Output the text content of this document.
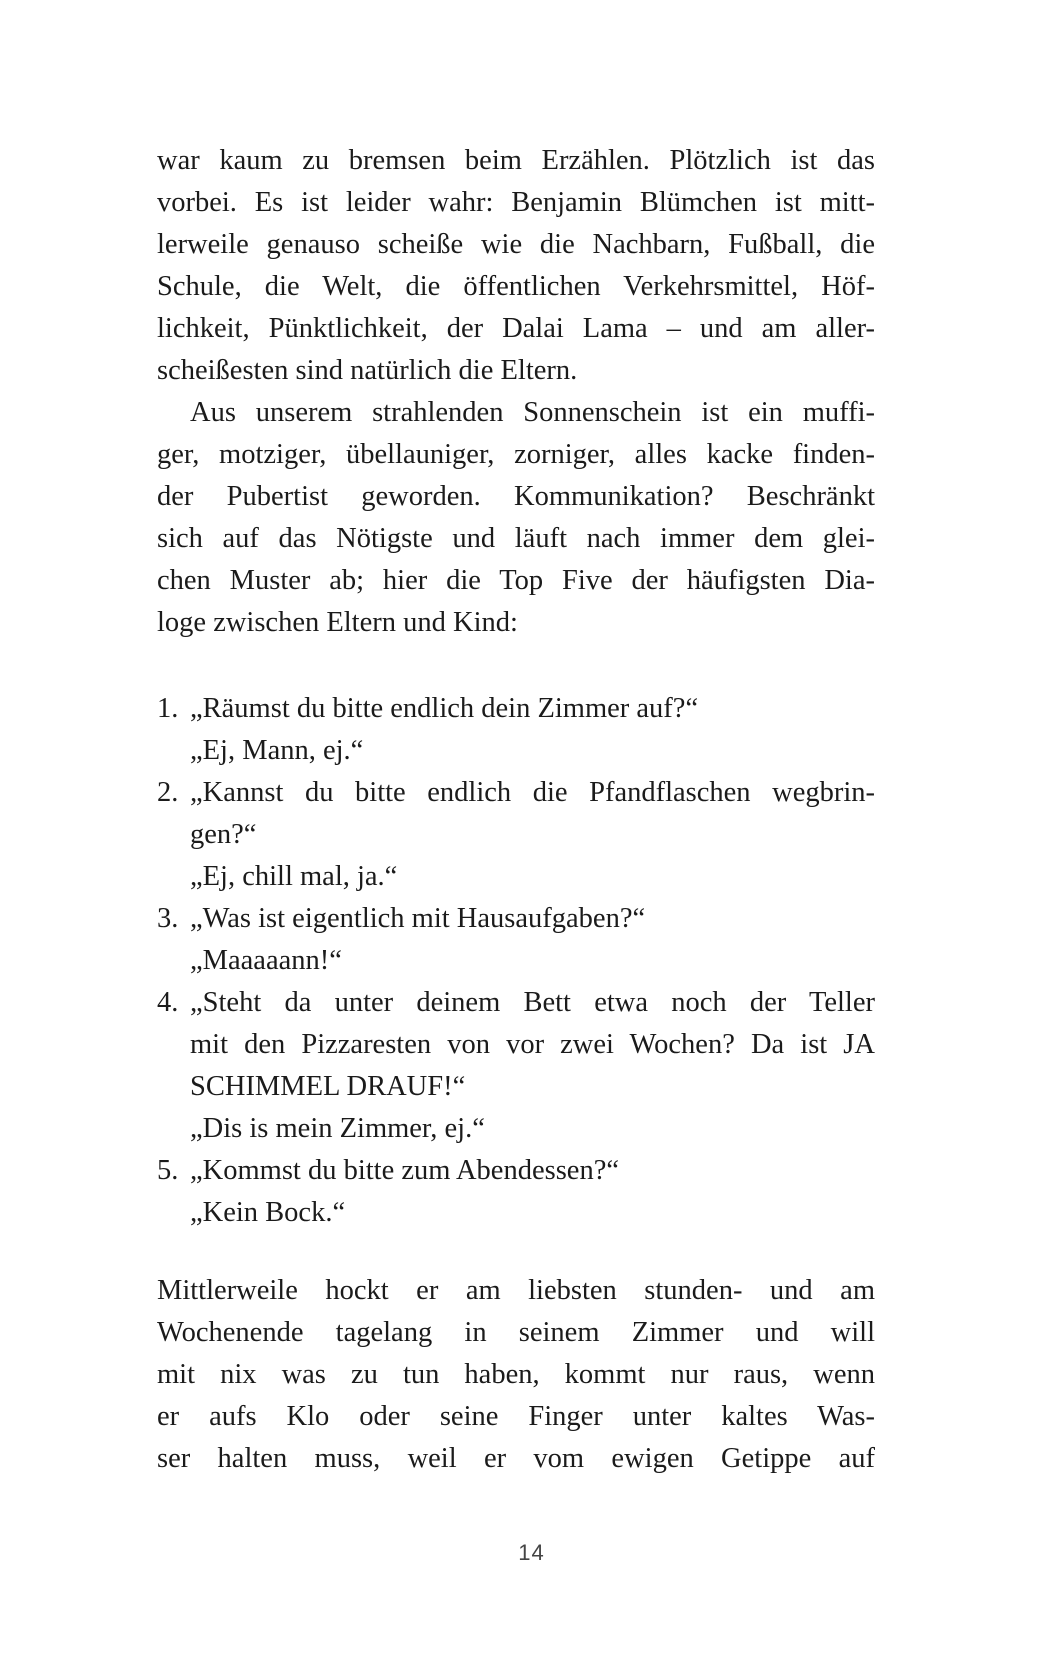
war kaum zu bremsen beim Erzählen. Plötzlich ist das
vorbei. Es ist leider wahr: Benjamin Blümchen ist mitt-
lerweile genauso scheiße wie die Nachbarn, Fußball, die
Schule, die Welt, die öffentlichen Verkehrsmittel, Höf-
lichkeit, Pünktlichkeit, der Dalai Lama – und am aller-
scheißesten sind natürlich die Eltern.
Aus unserem strahlenden Sonnenschein ist ein muffi-
ger, motziger, übellauniger, zorniger, alles kacke finden-
der Pubertist geworden. Kommunikation? Beschränkt
sich auf das Nötigste und läuft nach immer dem glei-
chen Muster ab; hier die Top Five der häufigsten Dia-
loge zwischen Eltern und Kind:
1. „Räumst du bitte endlich dein Zimmer auf?“
„Ej, Mann, ej.“
2. „Kannst du bitte endlich die Pfandflaschen wegbrin-
gen?“
„Ej, chill mal, ja.“
3. „Was ist eigentlich mit Hausaufgaben?“
„Maaaaann!“
4. „Steht da unter deinem Bett etwa noch der Teller
mit den Pizzaresten von vor zwei Wochen? Da ist JA
SCHIMMEL DRAUF!“
„Dis is mein Zimmer, ej.“
5. „Kommst du bitte zum Abendessen?“
„Kein Bock.“
Mittlerweile hockt er am liebsten stunden- und am
Wochenende tagelang in seinem Zimmer und will
mit nix was zu tun haben, kommt nur raus, wenn
er aufs Klo oder seine Finger unter kaltes Was-
ser halten muss, weil er vom ewigen Getippe auf
14
